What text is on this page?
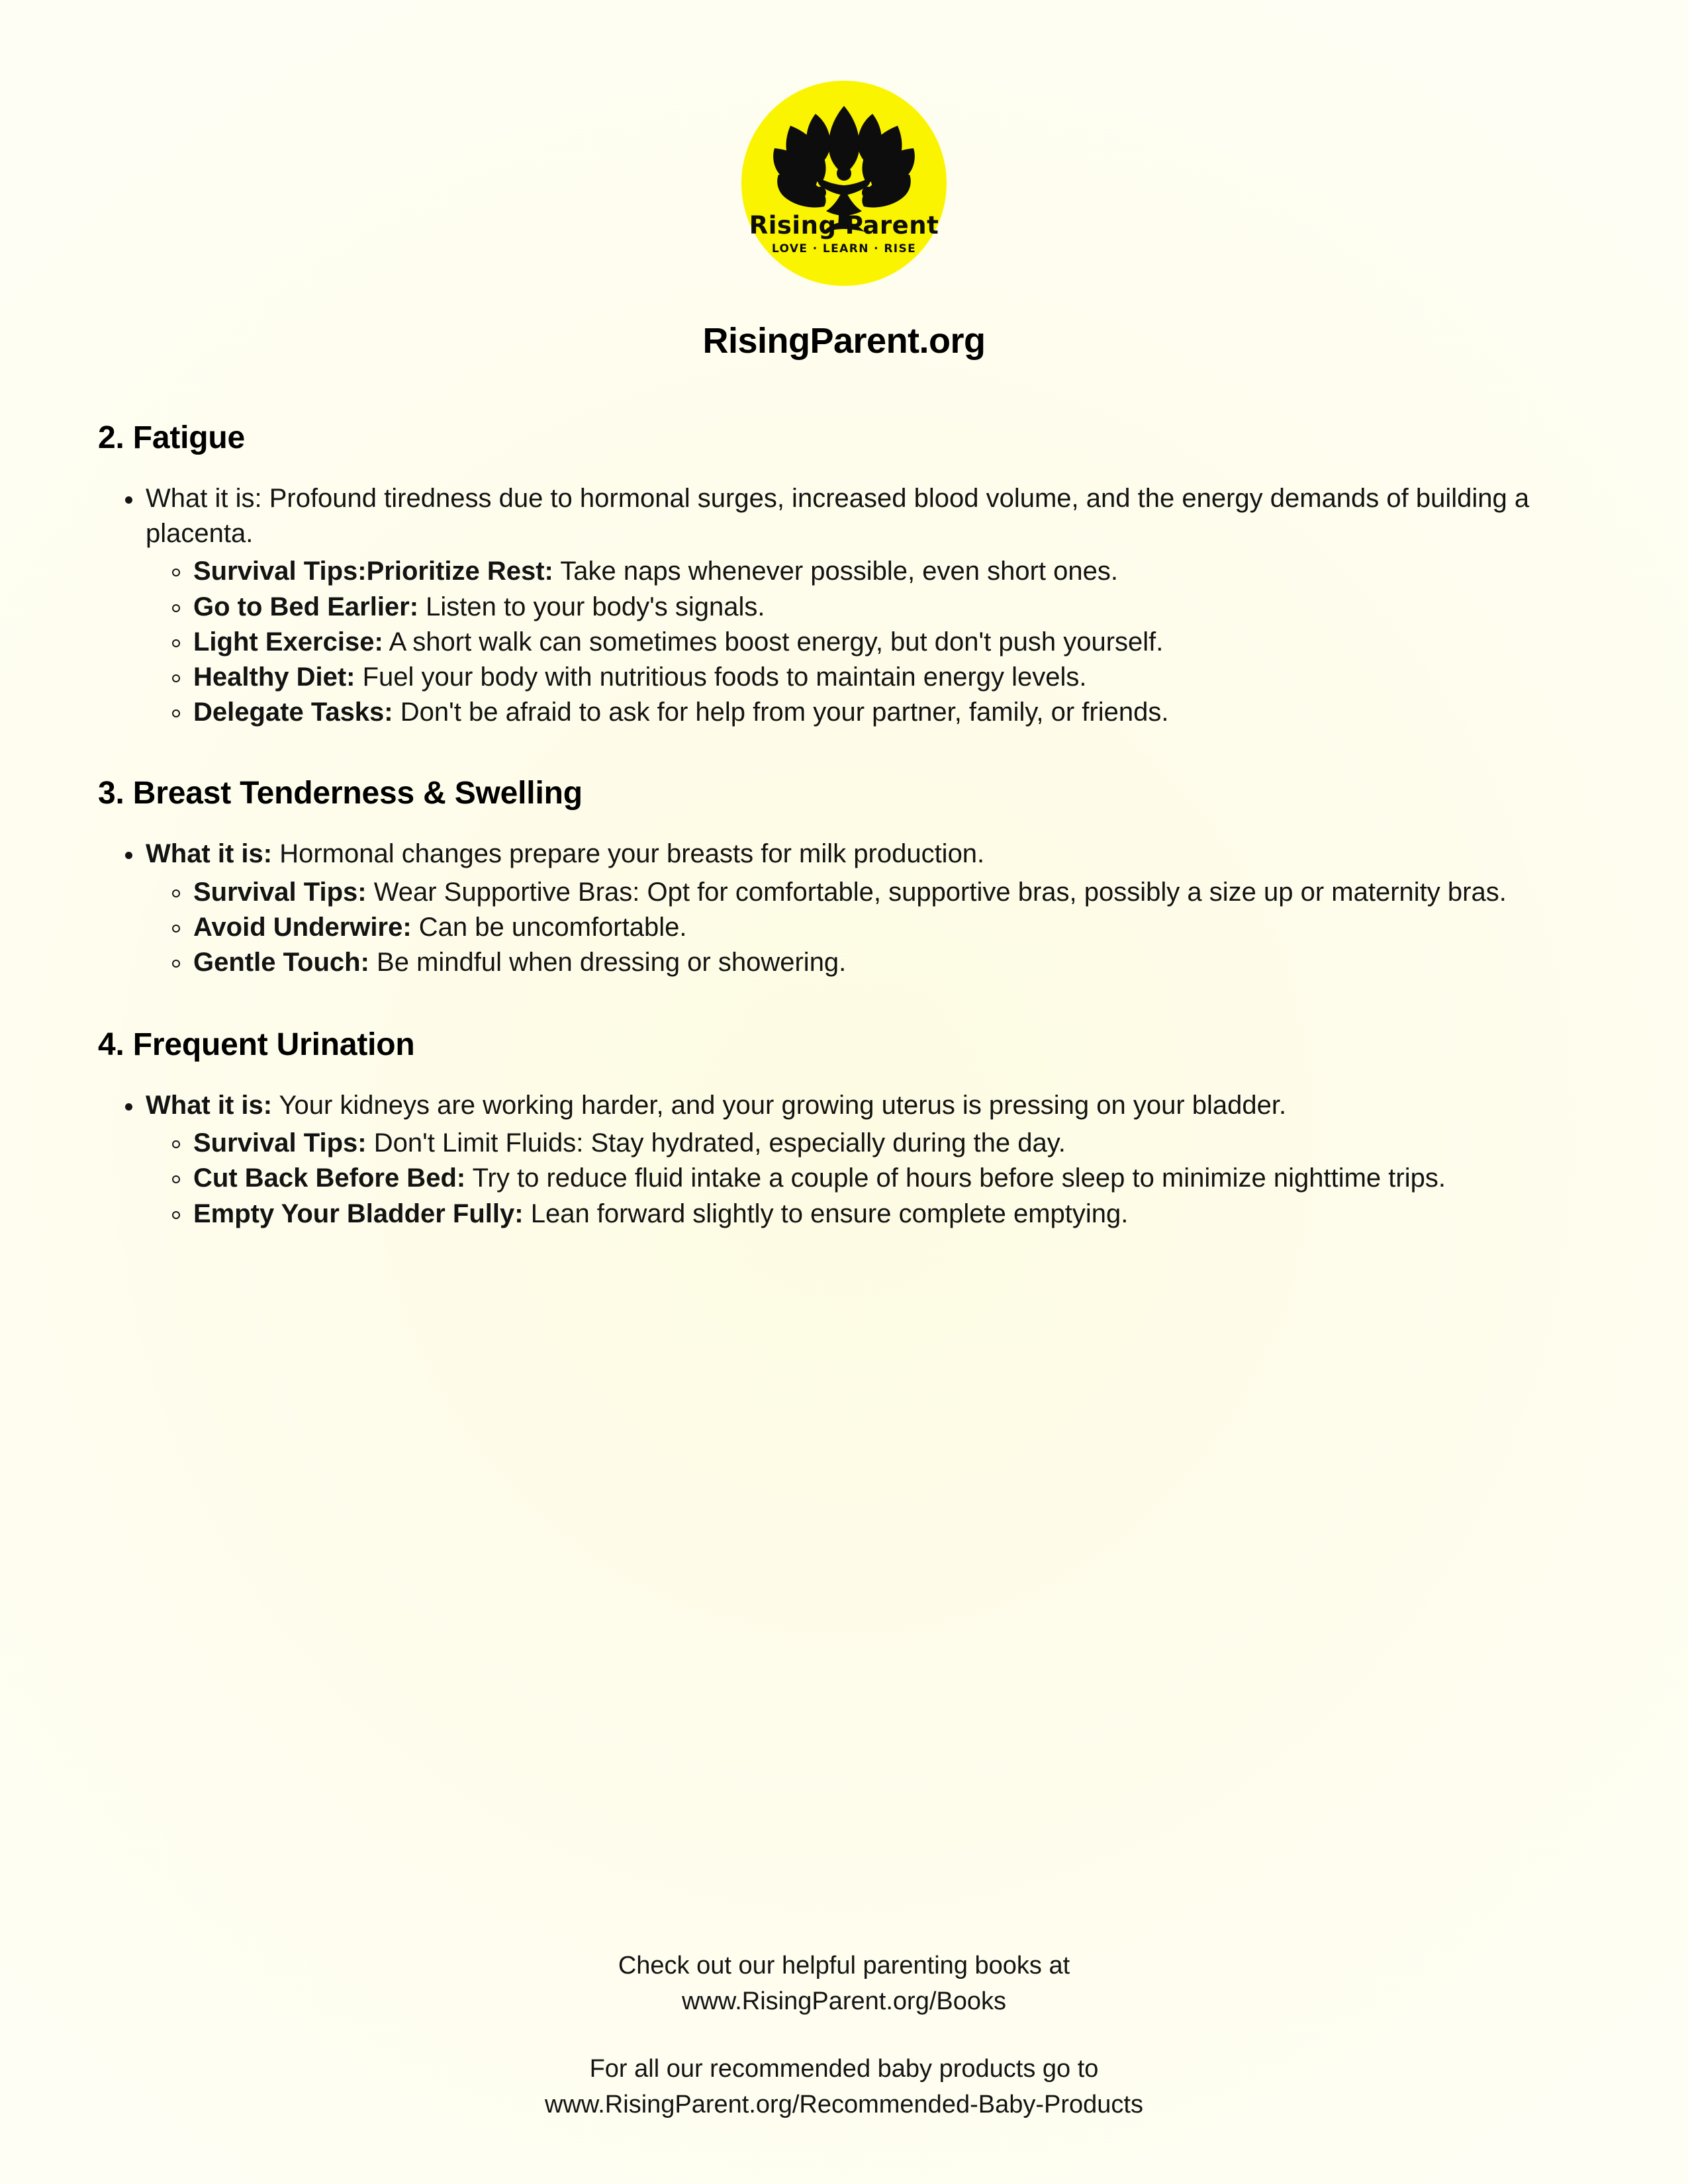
Rising Parent
LOVE · LEARN · RISE
RisingParent.org
2. Fatigue
What it is: Profound tiredness due to hormonal surges, increased blood volume, and the energy demands of building a placenta.
Survival Tips:Prioritize Rest: Take naps whenever possible, even short ones.
Go to Bed Earlier: Listen to your body's signals.
Light Exercise: A short walk can sometimes boost energy, but don't push yourself.
Healthy Diet: Fuel your body with nutritious foods to maintain energy levels.
Delegate Tasks: Don't be afraid to ask for help from your partner, family, or friends.
3. Breast Tenderness & Swelling
What it is: Hormonal changes prepare your breasts for milk production.
Survival Tips: Wear Supportive Bras: Opt for comfortable, supportive bras, possibly a size up or maternity bras.
Avoid Underwire: Can be uncomfortable.
Gentle Touch: Be mindful when dressing or showering.
4. Frequent Urination
What it is: Your kidneys are working harder, and your growing uterus is pressing on your bladder.
Survival Tips: Don't Limit Fluids: Stay hydrated, especially during the day.
Cut Back Before Bed: Try to reduce fluid intake a couple of hours before sleep to minimize nighttime trips.
Empty Your Bladder Fully: Lean forward slightly to ensure complete emptying.

Check out our helpful parenting books at
www.RisingParent.org/Books

For all our recommended baby products go to
www.RisingParent.org/Recommended-Baby-Products
